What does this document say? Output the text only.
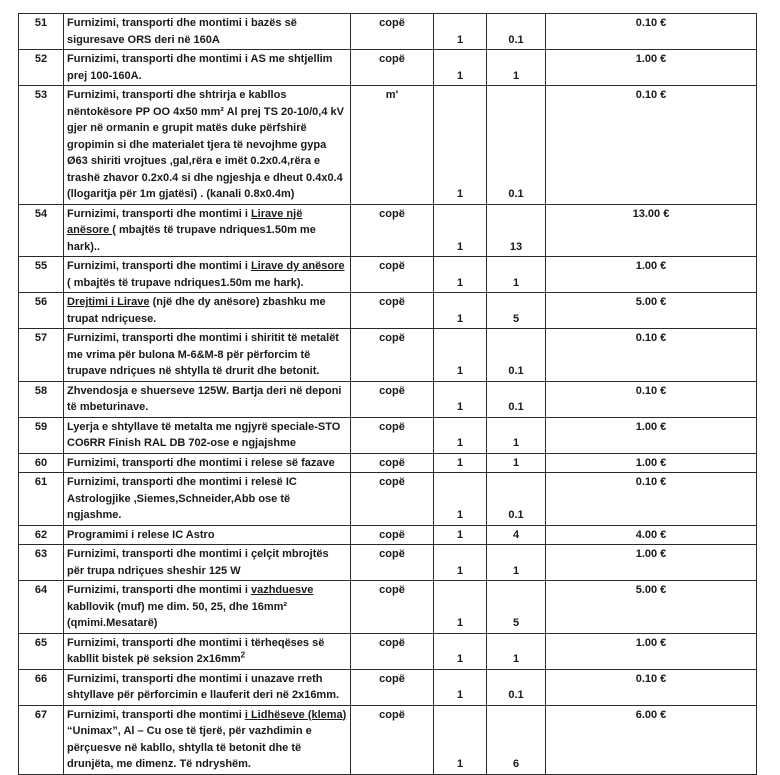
51	Furnizimi, transporti dhe montimi i bazës së siguresave ORS deri në 160A	copë	1	0.1	0.10 €
52	Furnizimi, transporti dhe montimi i AS me shtjellim prej 100-160A.	copë	1	1	1.00 €
53	Furnizimi, transporti dhe shtrirja e kabllos nëntokësore PP OO 4x50 mm² Al prej TS 20-10/0,4 kV gjer në ormanin e grupit matës duke përfshirë gropimin si dhe materialet tjera të nevojhme gypa Ø63 shiriti vrojtues ,gal,rëra e imët 0.2x0.4,rëra e trashë zhavor 0.2x0.4 si dhe ngjeshja e dheut 0.4x0.4 (llogaritja për 1m gjatësi) . (kanali 0.8x0.4m)	m'	1	0.1	0.10 €
54	Furnizimi, transporti dhe montimi i Lirave një anësore ( mbajtës të trupave ndriques1.50m me hark)..	copë	1	13	13.00 €
55	Furnizimi, transporti dhe montimi i Lirave dy anësore ( mbajtës të trupave ndriques1.50m me hark).	copë	1	1	1.00 €
56	Drejtimi i Lirave (një dhe dy anësore) zbashku me trupat ndriçuese.	copë	1	5	5.00 €
57	Furnizimi, transporti dhe montimi i shiritit të metalët me vrima për bulona M-6&M-8 për përforcim të trupave ndriçues në shtylla të drurit dhe betonit.	copë	1	0.1	0.10 €
58	Zhvendosja e shuerseve 125W. Bartja deri në deponi të mbeturinave.	copë	1	0.1	0.10 €
59	Lyerja e shtyllave të metalta me ngjyrë speciale-STO CO6RR Finish RAL DB 702-ose e ngjajshme	copë	1	1	1.00 €
60	Furnizimi, transporti dhe montimi i relese së fazave	copë	1	1	1.00 €
61	Furnizimi, transporti dhe montimi i relesë IC Astrologjike ,Siemes,Schneider,Abb ose të ngjashme.	copë	1	0.1	0.10 €
62	Programimi i relese IC Astro	copë	1	4	4.00 €
63	Furnizimi, transporti dhe montimi i çelçit mbrojtës për trupa ndriçues sheshir 125 W	copë	1	1	1.00 €
64	Furnizimi, transporti dhe montimi i vazhduesve kabllovik (muf) me dim. 50, 25, dhe 16mm² (qmimi.Mesatarë)	copë	1	5	5.00 €
65	Furnizimi, transporti dhe montimi i tërheqëses së kabllit bistek pë seksion $2x16mm^2$	copë	1	1	1.00 €
66	Furnizimi, transporti dhe montimi i unazave rreth shtyllave për përforcimin e llauferit deri në 2x16mm.	copë	1	0.1	0.10 €
67	Furnizimi, transporti dhe montimi i Lidhëseve (klema) “Unimax”, Al – Cu ose të tjerë, për vazhdimin e përçuesve në kabllo, shtylla të betonit dhe të drunjëta, me dimenz. Të ndryshëm.	copë	1	6	6.00 €
